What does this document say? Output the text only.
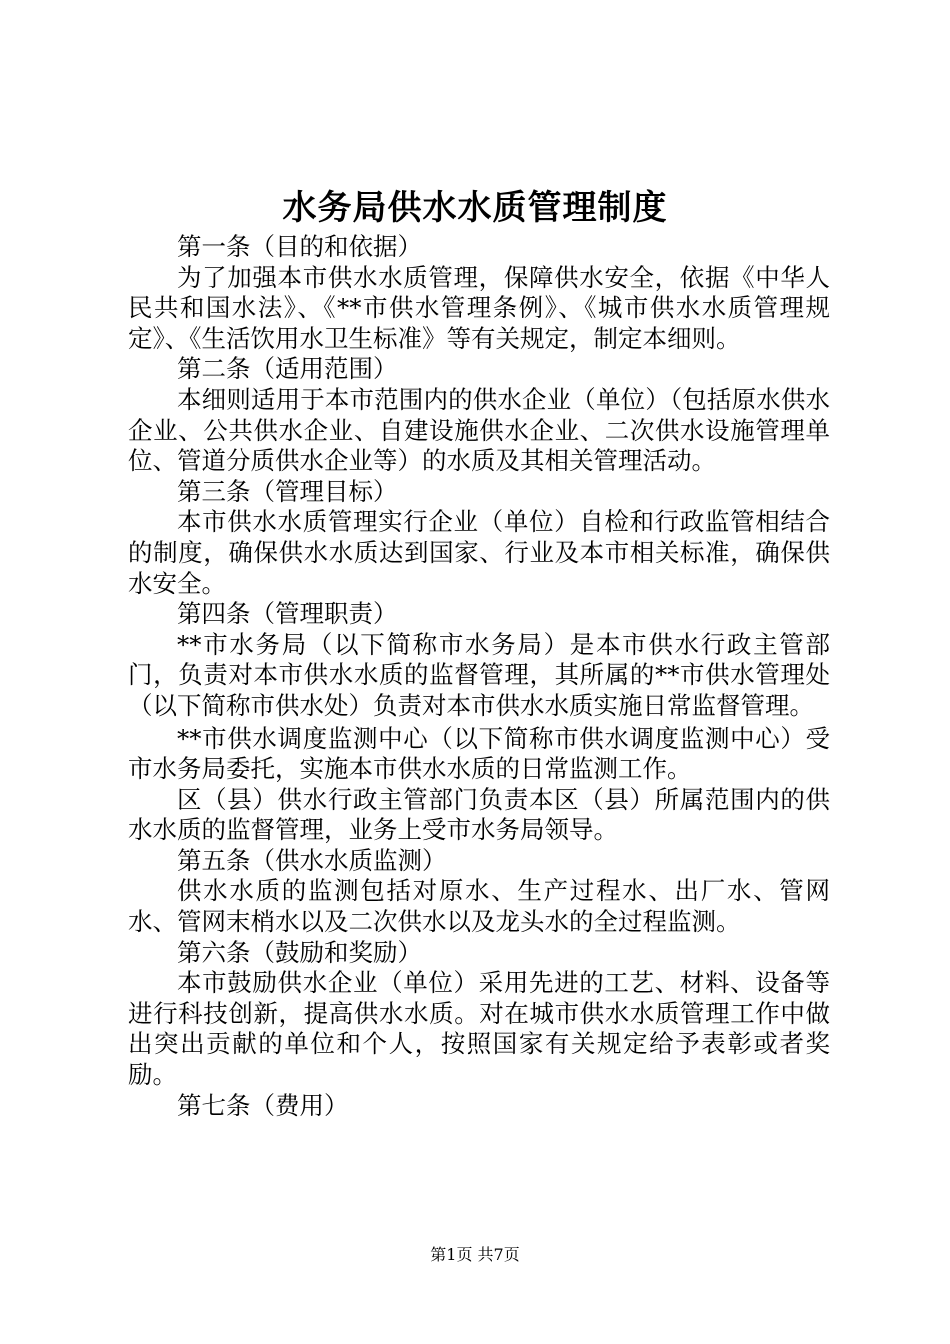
水务局供水水质管理制度

第一条（目的和依据）

为了加强本市供水水质管理，保障供水安全，依据《中华人民共和国水法》、《**市供水管理条例》、《城市供水水质管理规定》、《生活饮用水卫生标准》等有关规定，制定本细则。

第二条（适用范围）

本细则适用于本市范围内的供水企业（单位）（包括原水供水企业、公共供水企业、自建设施供水企业、二次供水设施管理单位、管道分质供水企业等）的水质及其相关管理活动。

第三条（管理目标）

本市供水水质管理实行企业（单位）自检和行政监管相结合的制度，确保供水水质达到国家、行业及本市相关标准，确保供水安全。

第四条（管理职责）

**市水务局（以下简称市水务局）是本市供水行政主管部门，负责对本市供水水质的监督管理，其所属的**市供水管理处（以下简称市供水处）负责对本市供水水质实施日常监督管理。

**市供水调度监测中心（以下简称市供水调度监测中心）受市水务局委托，实施本市供水水质的日常监测工作。

区（县）供水行政主管部门负责本区（县）所属范围内的供水水质的监督管理，业务上受市水务局领导。

第五条（供水水质监测）

供水水质的监测包括对原水、生产过程水、出厂水、管网水、管网末梢水以及二次供水以及龙头水的全过程监测。

第六条（鼓励和奖励）

本市鼓励供水企业（单位）采用先进的工艺、材料、设备等进行科技创新，提高供水水质。对在城市供水水质管理工作中做出突出贡献的单位和个人，按照国家有关规定给予表彰或者奖励。

第七条（费用）

第1页 共7页
